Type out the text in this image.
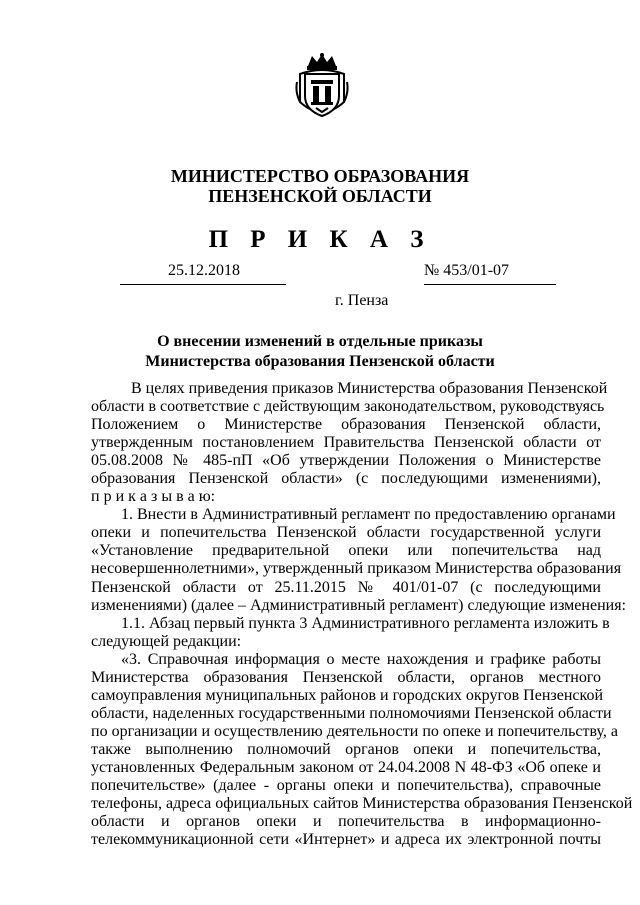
МИНИСТЕРСТВО ОБРАЗОВАНИЯ
ПЕНЗЕНСКОЙ ОБЛАСТИ
П Р И К А З
25.12.2018	№ 453/01-07
г. Пенза
О внесении изменений в отдельные приказы
Министерства образования Пензенской области
В целях приведения приказов Министерства образования Пензенской
области в соответствие с действующим законодательством, руководствуясь
Положением о Министерстве образования Пензенской области,
утвержденным постановлением Правительства Пензенской области от
05.08.2008 № 485-пП «Об утверждении Положения о Министерстве
образования Пензенской области» (с последующими изменениями),
п р и к а з ы в а ю:
1. Внести в Административный регламент по предоставлению органами
опеки и попечительства Пензенской области государственной услуги
«Установление предварительной опеки или попечительства над
несовершеннолетними», утвержденный приказом Министерства образования
Пензенской области от 25.11.2015 № 401/01-07 (с последующими
изменениями) (далее – Административный регламент) следующие изменения:
1.1. Абзац первый пункта 3 Административного регламента изложить в
следующей редакции:
«3. Справочная информация о месте нахождения и графике работы
Министерства образования Пензенской области, органов местного
самоуправления муниципальных районов и городских округов Пензенской
области, наделенных государственными полномочиями Пензенской области
по организации и осуществлению деятельности по опеке и попечительству, а
также выполнению полномочий органов опеки и попечительства,
установленных Федеральным законом от 24.04.2008 N 48-ФЗ «Об опеке и
попечительстве» (далее - органы опеки и попечительства), справочные
телефоны, адреса официальных сайтов Министерства образования Пензенской
области и органов опеки и попечительства в информационно-
телекоммуникационной сети «Интернет» и адреса их электронной почты
